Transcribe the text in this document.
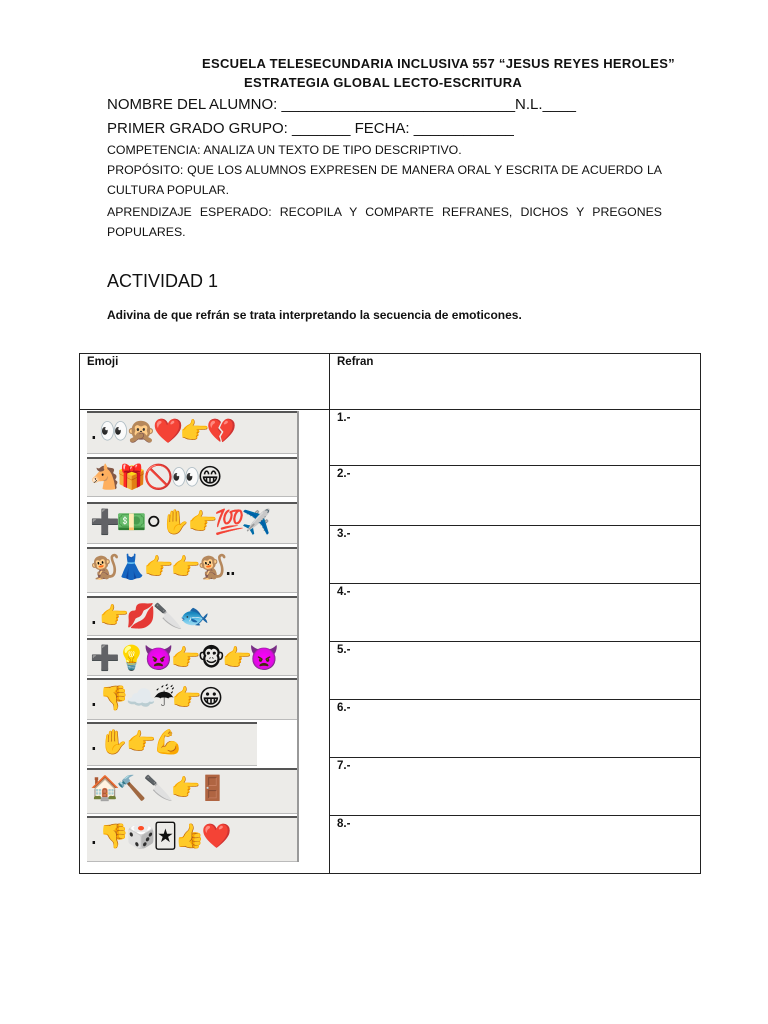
ESCUELA TELESECUNDARIA INCLUSIVA 557 “JESUS REYES HEROLES”
ESTRATEGIA GLOBAL LECTO-ESCRITURA
NOMBRE DEL ALUMNO: ____________________________N.L.____
PRIMER GRADO GRUPO: _______ FECHA: ____________
COMPETENCIA: ANALIZA UN TEXTO DE TIPO DESCRIPTIVO.
PROPÓSITO: QUE LOS ALUMNOS EXPRESEN DE MANERA ORAL Y ESCRITA DE ACUERDO LA
CULTURA POPULAR.
APRENDIZAJE ESPERADO: RECOPILA Y COMPARTE REFRANES, DICHOS Y PREGONES
POPULARES.
ACTIVIDAD 1
Adivina de que refrán se trata interpretando la secuencia de emoticones.
Emoji	Refran
1.-
2.-
3.-
4.-
5.-
6.-
7.-
8.-
. 👀🙊❤️👉💔
🐴🎁🚫👀😁
➕💵⚪✋👉💯✈️
🐒👗👉👉🐒..
. 👉💋🔪🐟
➕💡👿👉🐵👉👿
. 👎☁️☔👉😀
. ✋👉💪
🏠🔨🔪👉🚪
. 👎🎲🃏👍❤️
